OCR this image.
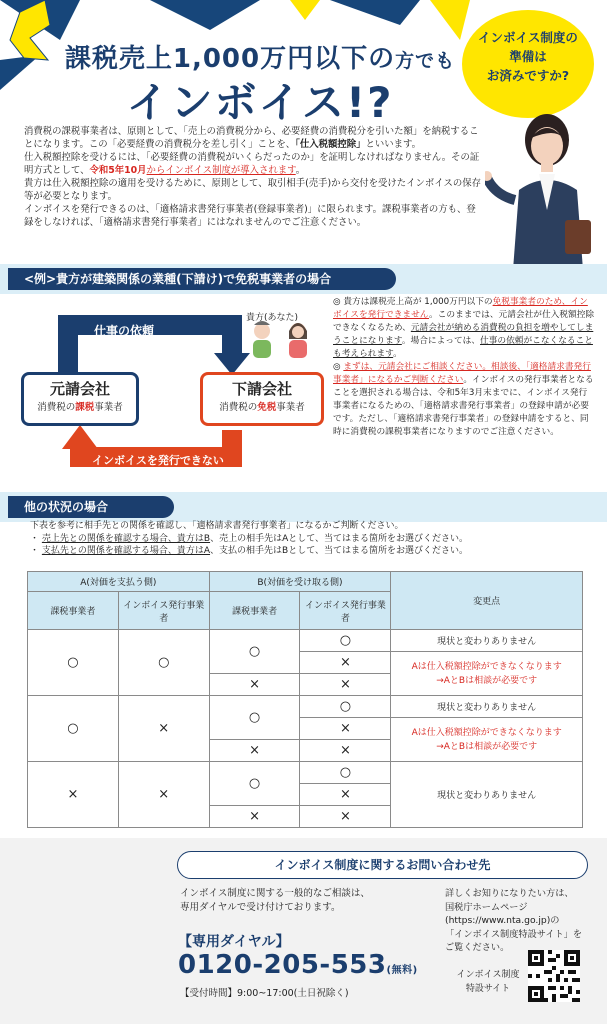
課税売上1,000万円以下の方でも
インボイス!?
インボイス制度の
準備は
お済みですか?

消費税の課税事業者は、原則として、「売上の消費税分から、必要経費の消費税分を引いた額」を納税することになります。この「必要経費の消費税分を差し引く」ことを、「仕入税額控除」といいます。

仕入税額控除を受けるには、「必要経費の消費税がいくらだったのか」を証明しなければなりません。その証明方式として、令和5年10月からインボイス制度が導入されます。

貴方は仕入税額控除の適用を受けるために、原則として、取引相手(売手)から交付を受けたインボイスの保存等が必要となります。

インボイスを発行できるのは、「適格請求書発行事業者(登録事業者)」に限られます。課税事業者の方も、登録をしなければ、「適格請求書発行事業者」にはなれませんのでご注意ください。

<例>貴方が建築関係の業種(下請け)で免税事業者の場合
仕事の依頼
貴方(あなた)
インボイスを発行できない
元請会社
消費税の課税事業者
下請会社
消費税の免税事業者

◎ 貴方は課税売上高が 1,000万円以下の免税事業者のため、インボイスを発行できません。このままでは、元請会社が仕入税額控除できなくなるため、元請会社が納める消費税の負担を増やしてしまうことになります。場合によっては、仕事の依頼がこなくなることも考えられます。

◎ まずは、元請会社にご相談ください。相談後、「適格請求書発行事業者」になるかご判断ください。インボイスの発行事業者となることを選択される場合は、令和5年3月末までに、インボイス発行事業者になるための、「適格請求書発行事業者」の登録申請が必要です。ただし、「適格請求書発行事業者」の登録申請をすると、同時に消費税の課税事業者になりますのでご注意ください。

他の状況の場合

下表を参考に相手先との関係を確認し、「適格請求書発行事業者」になるかご判断ください。

・ 売上先との関係を確認する場合、貴方はB、売上の相手先はAとして、当てはまる箇所をお選びください。

・ 支払先との関係を確認する場合、貴方はA、支払の相手先はBとして、当てはまる箇所をお選びください。

A(対価を支払う側)		B(対価を受け取る側)		変更点
課税事業者	インボイス発行事業者	課税事業者	インボイス発行事業者	
○	○	○	○	現状と変わりありません
			×	Aは仕入税額控除ができなくなります
→AとBは相談が必要です

		×	×	
○	×	○	○	現状と変わりありません
			×	Aは仕入税額控除ができなくなります
→AとBは相談が必要です

		×	×	
×	×	○	○	現状と変わりありません
			×	
		×	×	
インボイス制度に関するお問い合わせ先
インボイス制度に関する一般的なご相談は、
専用ダイヤルで受け付けております。
【専用ダイヤル】
0120-205-553(無料)
【受付時間】9:00~17:00(土日祝除く)
詳しくお知りになりたい方は、
国税庁ホームページ
(https://www.nta.go.jp)の
「インボイス制度特設サイト」を
ご覧ください。
インボイス制度
特設サイト
